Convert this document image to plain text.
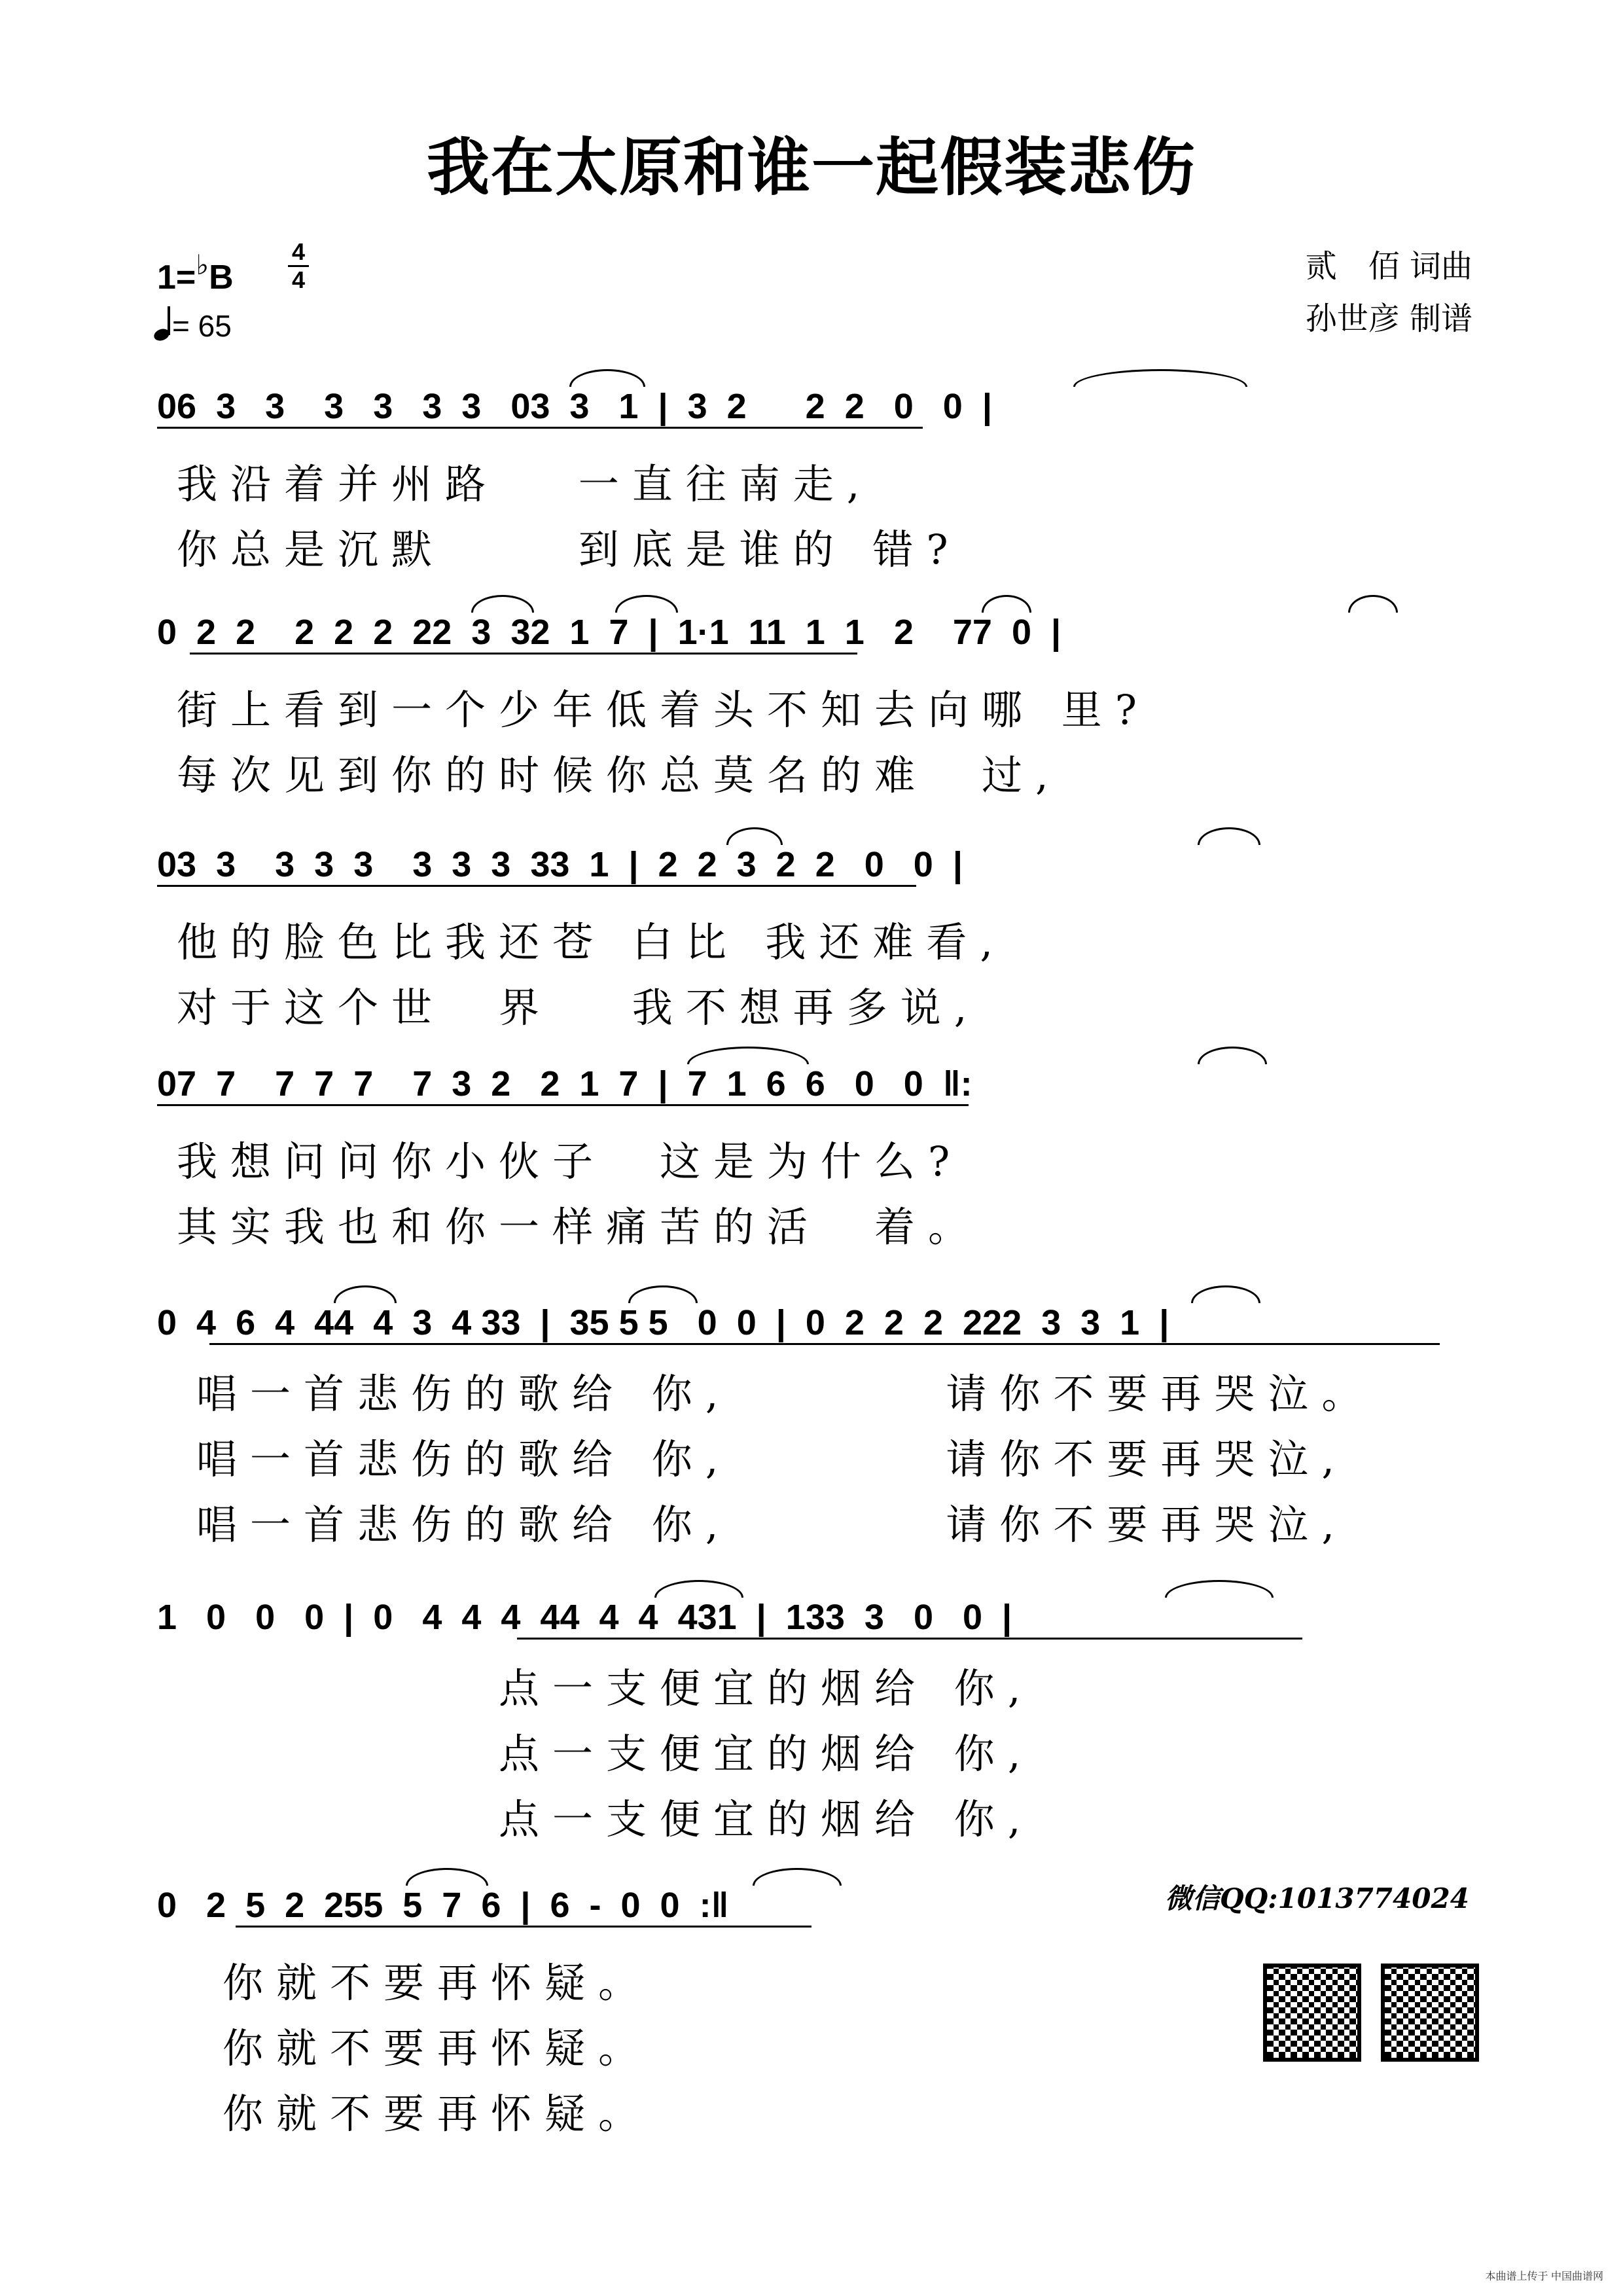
我在太原和谁一起假装悲伤
1=♭B
4
4
= 65
贰　佰 词曲
孙世彦 制谱
06  3   3    3   3   3  3   03  3   1  |  3  2      2  2   0   0  |
我沿着并州路　 一直往南走,
你总是沉默　　 到底是谁的 错?
0  2  2    2  2  2  22  3  32  1  7  |  1·1  11  1  1   2    77  0  |
街上看到一个少年低着头不知去向哪 里?
每次见到你的时候你总莫名的难　过,
03  3    3  3  3    3  3  3  33  1  |  2  2  3  2  2   0   0  |
他的脸色比我还苍 白比 我还难看,
对于这个世　界　 我不想再多说,
07  7    7  7  7    7  3  2   2  1  7  |  7  1  6  6   0   0  ‖:
我想问问你小伙子　这是为什么?
其实我也和你一样痛苦的活　着。
0  4  6  4  44  4  3  4 33  |  35 5 5   0  0  |  0  2  2  2  222  3  3  1  |
唱一首悲伤的歌给 你,　　　　请你不要再哭泣。
唱一首悲伤的歌给 你,　　　　请你不要再哭泣,
唱一首悲伤的歌给 你,　　　　请你不要再哭泣,
1   0   0   0  |  0   4  4  4  44  4  4  431  |  133  3   0   0  |
　　　　　　点一支便宜的烟给 你,
　　　　　　点一支便宜的烟给 你,
　　　　　　点一支便宜的烟给 你,
0   2  5  2  255  5  7  6  |  6  -  0  0  :‖
你就不要再怀疑。
你就不要再怀疑。
你就不要再怀疑。
微信QQ:1013774024
本曲谱上传于 中国曲谱网
